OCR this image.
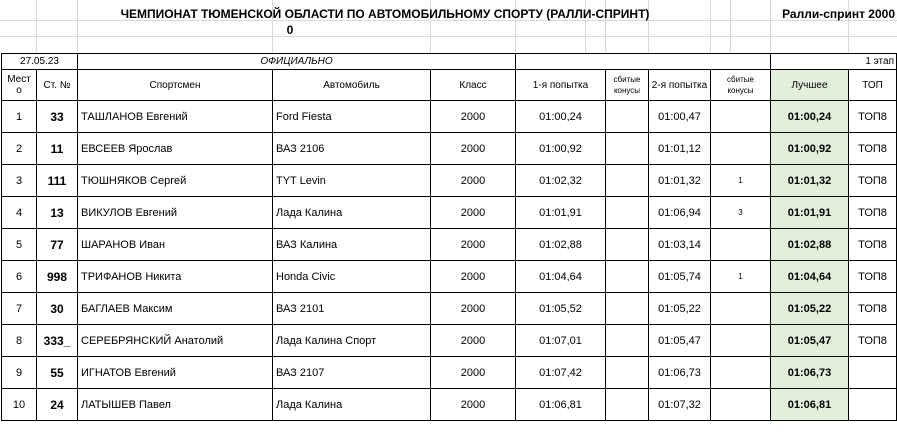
ЧЕМПИОНАТ ТЮМЕНСКОЙ ОБЛАСТИ ПО АВТОМОБИЛЬНОМУ СПОРТУ (РАЛЛИ-СПРИНТ)
0
Ралли-спринт 2000
27.05.23		ОФИЦИАЛЬНО							1 этап	
Мест о	Ст. №	Спортсмен	Автомобиль	Класс	1-я попытка	сбитые конусы	2-я попытка	сбитые конусы	Лучшее	ТОП
1	33	ТАШЛАНОВ Евгений	Ford Fiesta	2000	01:00,24		01:00,47		01:00,24	ТОП8
2	11	ЕВСЕЕВ Ярослав	ВАЗ 2106	2000	01:00,92		01:01,12		01:00,92	ТОП8
3	111	ТЮШНЯКОВ Сергей	TYT Levin	2000	01:02,32		01:01,32	1	01:01,32	ТОП8
4	13	ВИКУЛОВ Евгений	Лада Калина	2000	01:01,91		01:06,94	3	01:01,91	ТОП8
5	77	ШАРАНОВ Иван	ВАЗ Калина	2000	01:02,88		01:03,14		01:02,88	ТОП8
6	998	ТРИФАНОВ Никита	Honda Civic	2000	01:04,64		01:05,74	1	01:04,64	ТОП8
7	30	БАГЛАЕВ Максим	ВАЗ 2101	2000	01:05,52		01:05,22		01:05,22	ТОП8
8	333_	СЕРЕБРЯНСКИЙ Анатолий	Лада Калина Спорт	2000	01:07,01		01:05,47		01:05,47	ТОП8
9	55	ИГНАТОВ Евгений	ВАЗ 2107	2000	01:07,42		01:06,73		01:06,73	
10	24	ЛАТЫШЕВ Павел	Лада Калина	2000	01:06,81		01:07,32		01:06,81	
